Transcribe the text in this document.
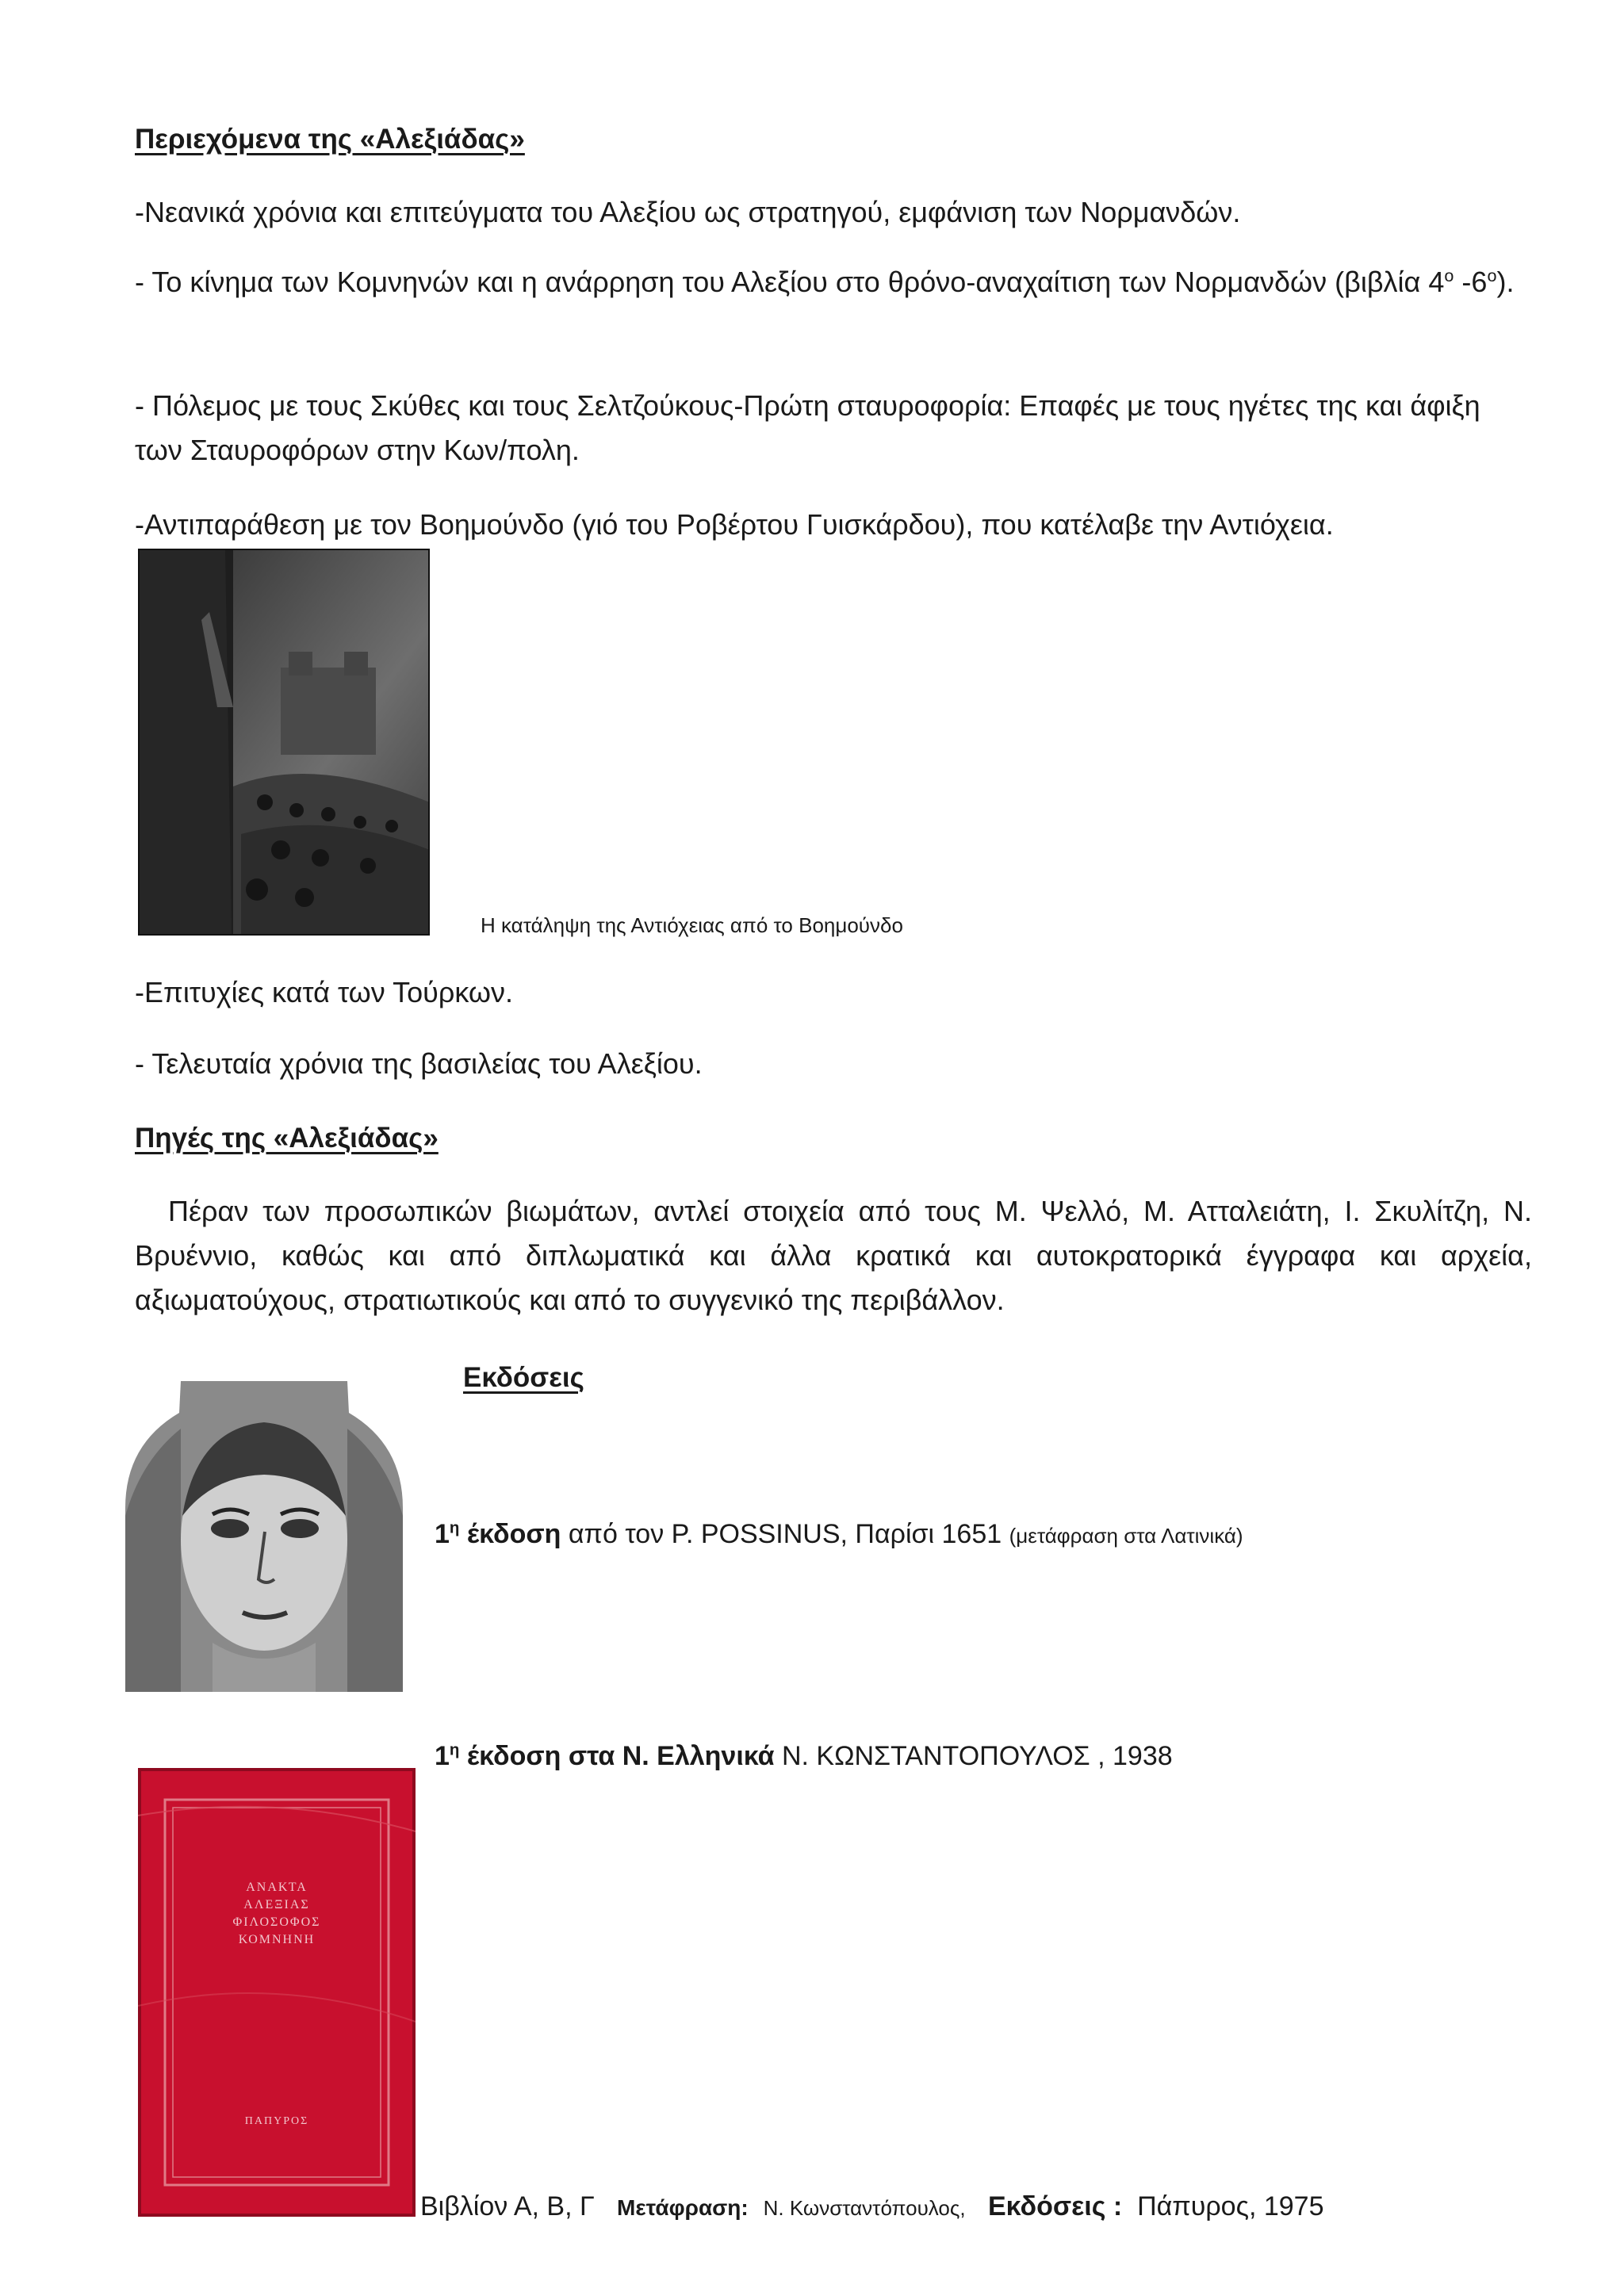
Περιεχόμενα της «Αλεξιάδας»
-Νεανικά χρόνια και επιτεύγματα του Αλεξίου ως στρατηγού, εμφάνιση των Νορμανδών.
- Το κίνημα των Κομνηνών και η ανάρρηση του Αλεξίου στο θρόνο-αναχαίτιση των Νορμανδών (βιβλία $4^o$ $-6^o$).
- Πόλεμος με τους Σκύθες και τους Σελτζούκους-Πρώτη σταυροφορία: Επαφές με τους ηγέτες της και άφιξη των Σταυροφόρων στην Κων/πολη.
-Αντιπαράθεση με τον Βοημούνδο (γιό του Ροβέρτου Γυισκάρδου), που κατέλαβε την Αντιόχεια.
Η κατάληψη της Αντιόχειας από το Βοημούνδο
-Επιτυχίες κατά των Τούρκων.
- Τελευταία χρόνια της βασιλείας του Αλεξίου.
Πηγές της «Αλεξιάδας»
Πέραν των προσωπικών βιωμάτων, αντλεί στοιχεία από τους Μ. Ψελλό, Μ. Ατταλειάτη, Ι. Σκυλίτζη, Ν. Βρυέννιο, καθώς και από διπλωματικά και άλλα κρατικά και αυτοκρατορικά έγγραφα και αρχεία, αξιωματούχους, στρατιωτικούς και από το συγγενικό της περιβάλλον.
Εκδόσεις
$1^\eta$ έκδοση από τον P. POSSINUS, Παρίσι 1651 (μετάφραση στα Λατινικά)
$1^\eta$ έκδοση στα Ν. Ελληνικά Ν. ΚΩΝΣΤΑΝΤΟΠΟΥΛΟΣ , 1938
ΑΝΑΚΤΑ
ΑΛΕΞΙΑΣ
ΦΙΛΟΣΟΦΟΣ
ΚΟΜΝΗΝΗ
ΠΑΠΥΡΟΣ
Βιβλίον Α, Β, Γ Μετάφραση: Ν. Κωνσταντόπουλος, Εκδόσεις : Πάπυρος, 1975
